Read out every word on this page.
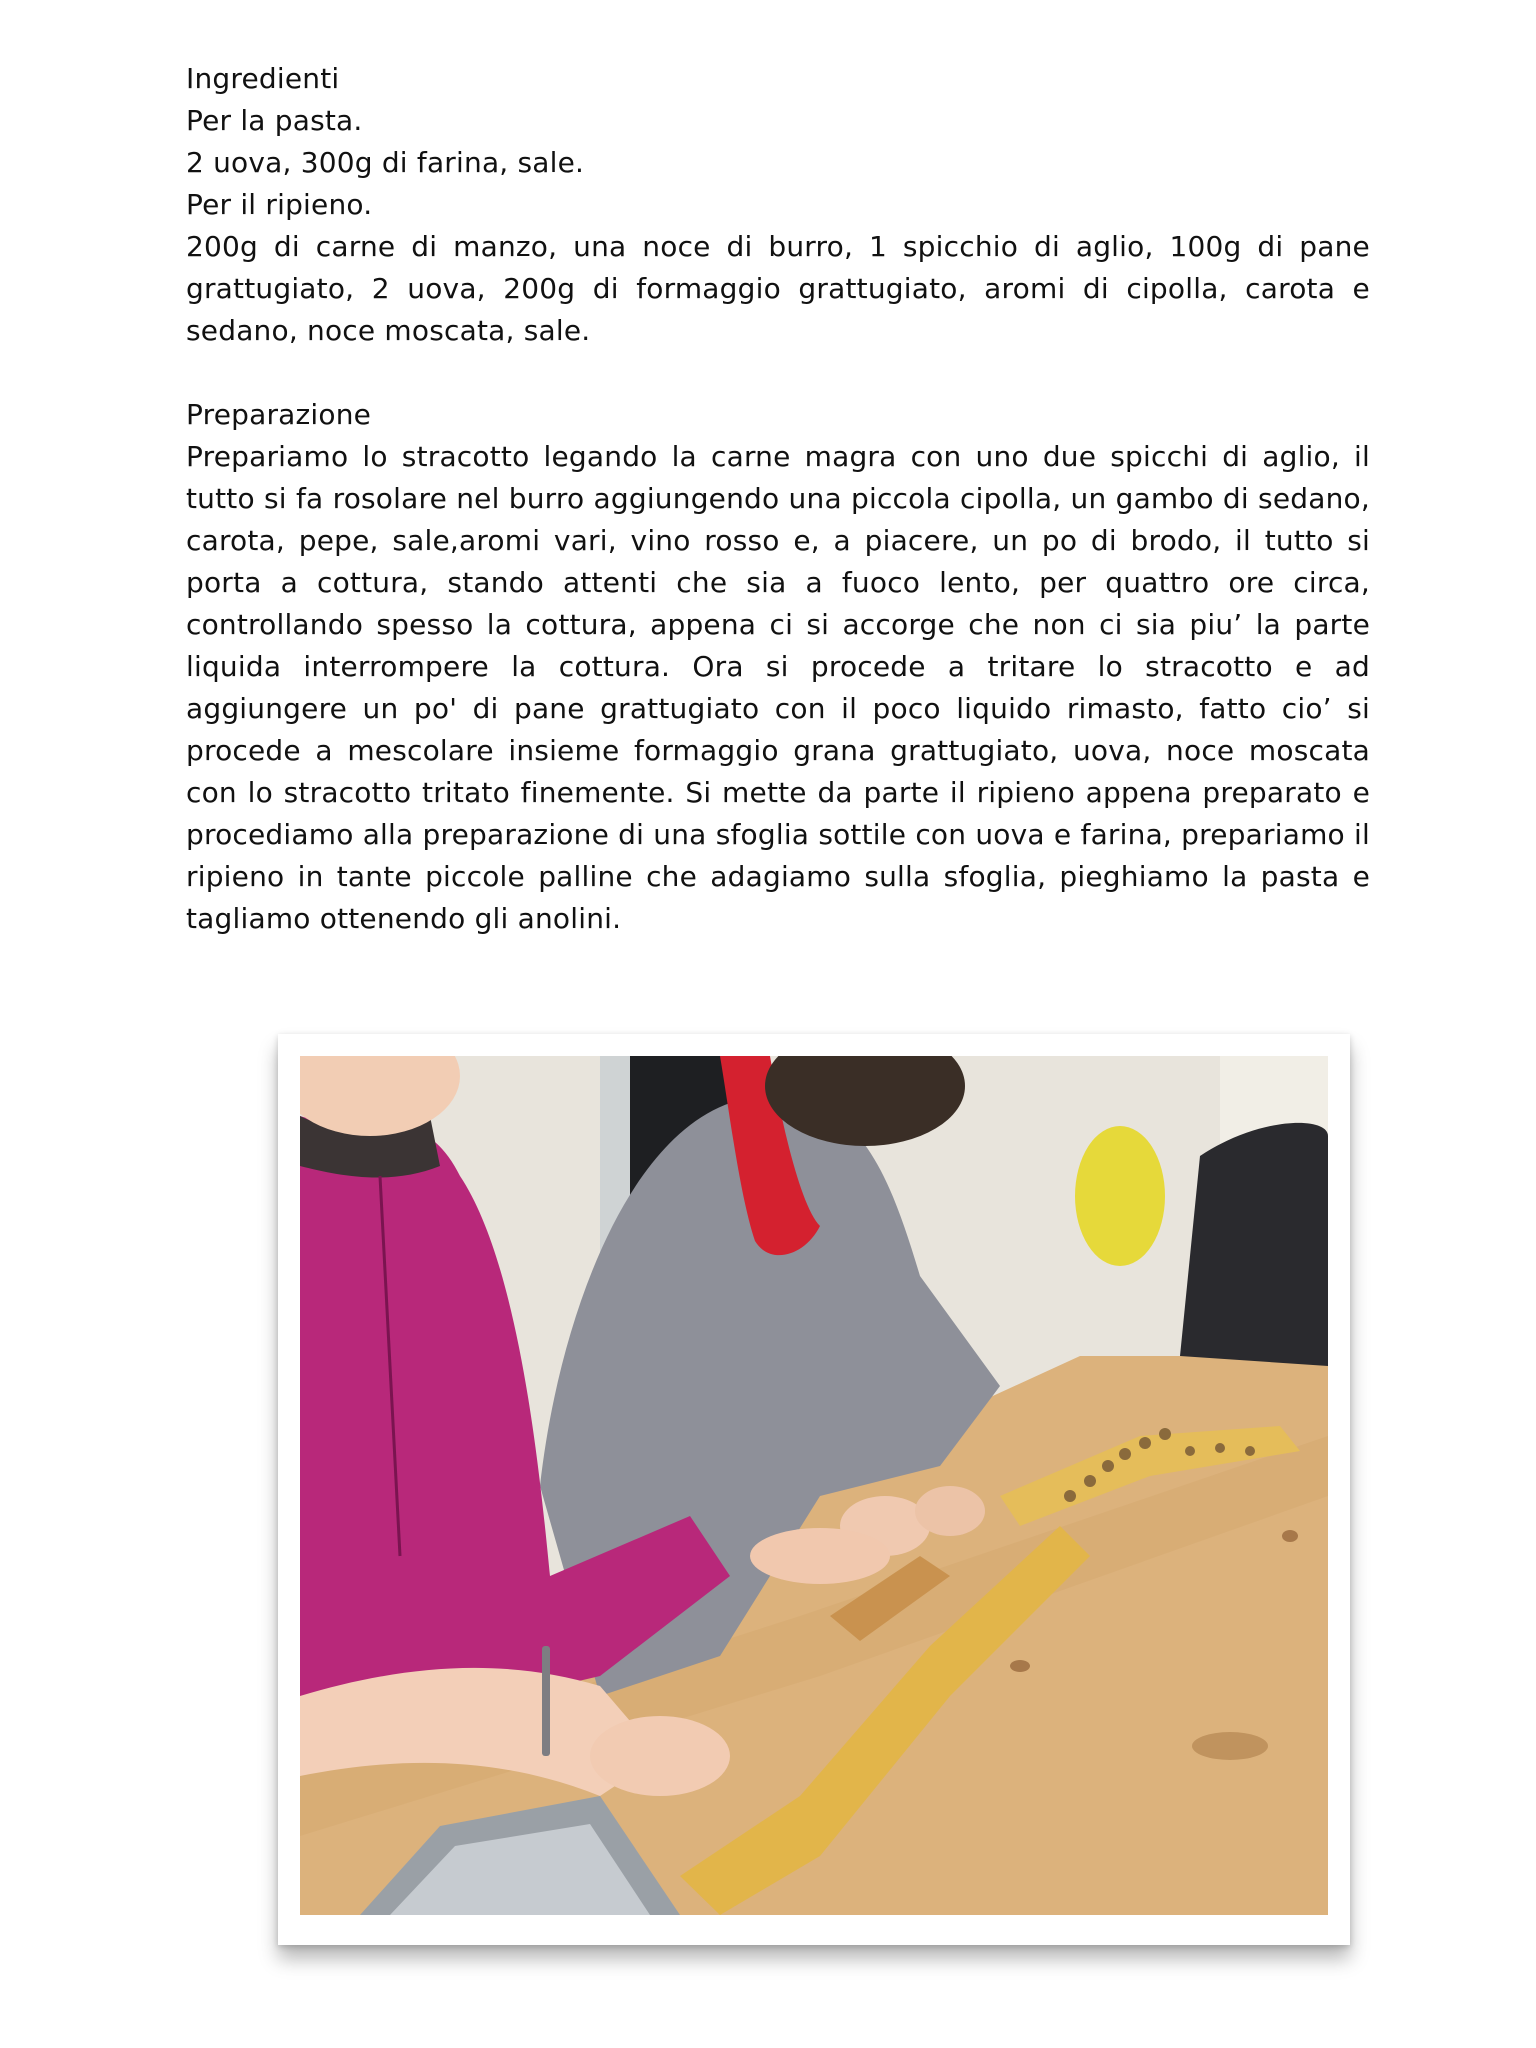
Ingredienti
Per la pasta.
2 uova, 300g di farina, sale.
Per il ripieno.
200g di carne di manzo, una noce di burro, 1 spicchio di aglio, 100g di pane grattugiato, 2 uova, 200g di formaggio grattugiato, aromi di cipolla, carota e sedano, noce moscata, sale.
Preparazione
Prepariamo lo stracotto legando la carne magra con uno due spicchi di aglio, il tutto si fa rosolare nel burro aggiungendo una piccola cipolla, un gambo di sedano, carota, pepe, sale,aromi vari, vino rosso e, a piacere, un po di brodo, il tutto si porta a cottura, stando attenti che sia a fuoco lento, per quattro ore circa, controllando spesso la cottura, appena ci si accorge che non ci sia piu’ la parte liquida interrompere la cottura. Ora si procede a tritare lo stracotto e ad aggiungere un po' di pane grattugiato con il poco liquido rimasto, fatto cio’ si procede a mescolare insieme formaggio grana grattugiato, uova, noce moscata con lo stracotto tritato finemente. Si mette da parte il ripieno appena preparato e procediamo alla preparazione di una sfoglia sottile con uova e farina, prepariamo il ripieno in tante piccole palline che adagiamo sulla sfoglia, pieghiamo la pasta e tagliamo ottenendo gli anolini.
